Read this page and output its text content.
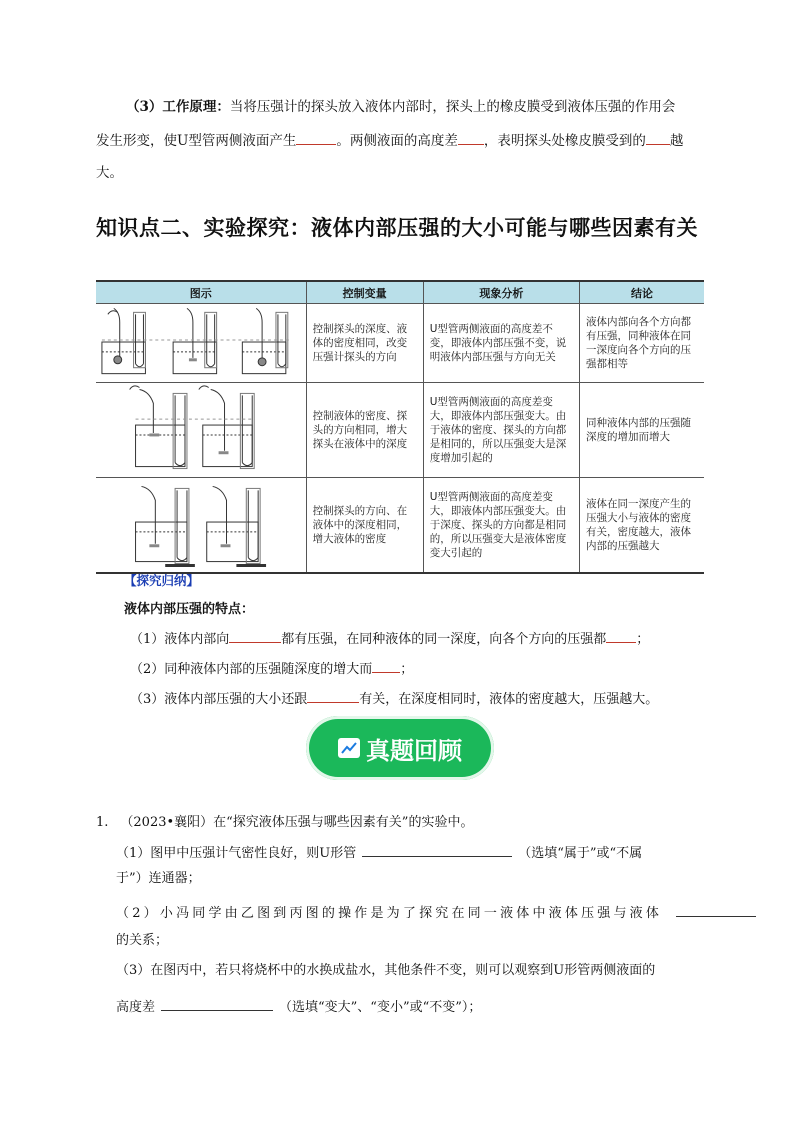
（3）工作原理：当将压强计的探头放入液体内部时，探头上的橡皮膜受到液体压强的作用会
发生形变，使U型管两侧液面产生	。两侧液面的高度差 ，表明探头处橡皮膜受到的 越
大。
知识点二、实验探究：液体内部压强的大小可能与哪些因素有关
图示	控制变量	现象分析	结论

	控制探头的深度、液体的密度相同，改变压强计探头的方向	U型管两侧液面的高度差不变，即液体内部压强不变，说明液体内部压强与方向无关	液体内部向各个方向都有压强，同种液体在同一深度向各个方向的压强都相等

	控制液体的密度、探头的方向相同，增大探头在液体中的深度	U型管两侧液面的高度差变大，即液体内部压强变大。由于液体的密度、探头的方向都是相同的，所以压强变大是深度增加引起的	同种液体内部的压强随深度的增加而增大

	控制探头的方向、在液体中的深度相同，增大液体的密度	U型管两侧液面的高度差变大，即液体内部压强变大。由于深度、探头的方向都是相同的，所以压强变大是液体密度变大引起的	液体在同一深度产生的压强大小与液体的密度有关，密度越大，液体内部的压强越大
【探究归纳】
液体内部压强的特点：
（1）液体内部向	都有压强，在同种液体的同一深度，向各个方向的压强都 ；
（2）同种液体内部的压强随深度的增大而 ；
（3）液体内部压强的大小还跟	有关，在深度相同时，液体的密度越大，压强越大。
真题回顾
1. （2023•襄阳）在“探究液体压强与哪些因素有关”的实验中。
（1）图甲中压强计气密性良好，则U形管	（选填“属于”或“不属
于”）连通器；
（2）小冯同学由乙图到丙图的操作是为了探究在同一液体中液体压强与液体
的关系；
（3）在图丙中，若只将烧杯中的水换成盐水，其他条件不变，则可以观察到U形管两侧液面的
高度差	（选填“变大”、“变小”或“不变”）；
